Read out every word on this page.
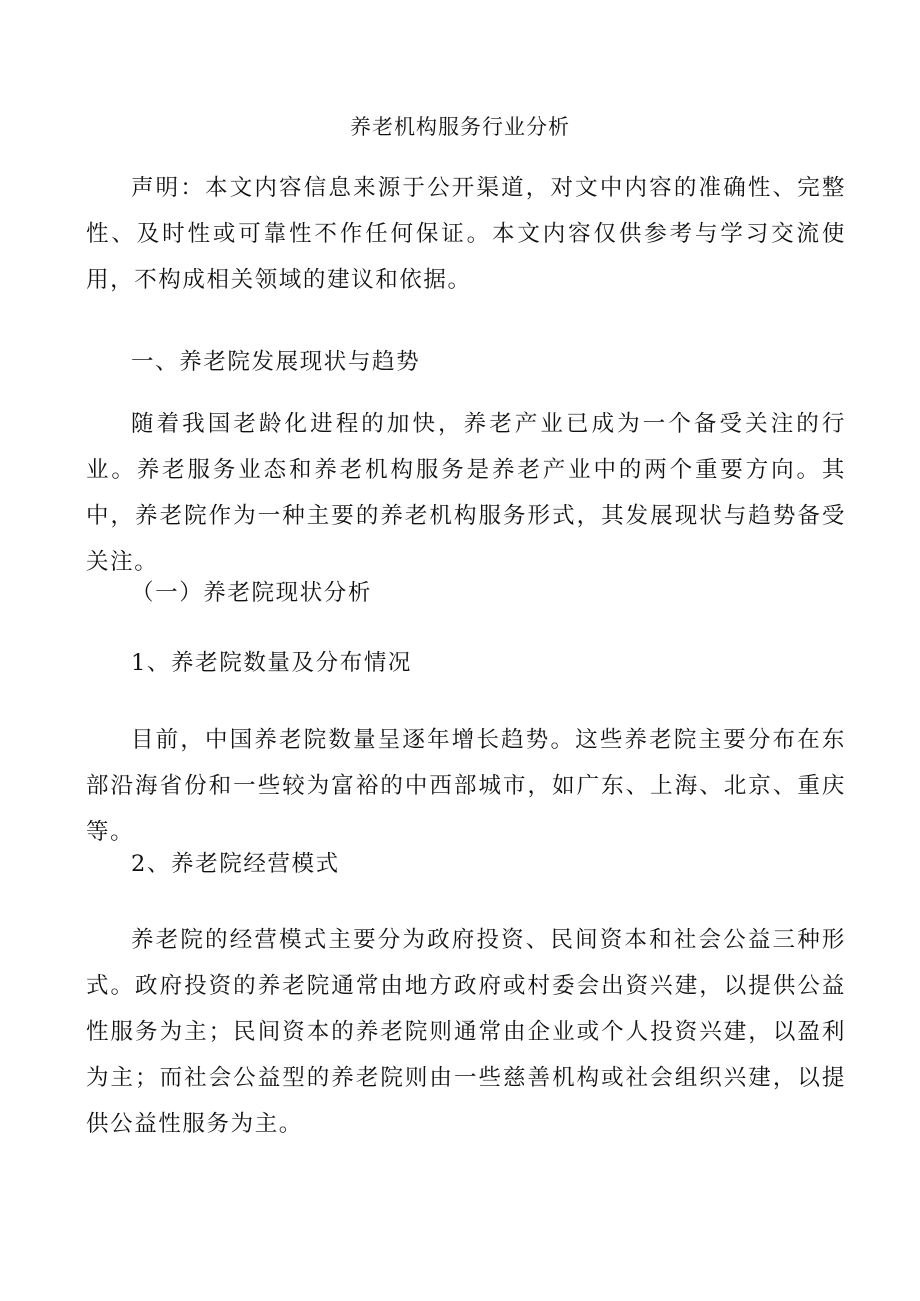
养老机构服务行业分析

声明：本文内容信息来源于公开渠道，对文中内容的准确性、完整性、及时性或可靠性不作任何保证。本文内容仅供参考与学习交流使用，不构成相关领域的建议和依据。

一、养老院发展现状与趋势

随着我国老龄化进程的加快，养老产业已成为一个备受关注的行业。养老服务业态和养老机构服务是养老产业中的两个重要方向。其中，养老院作为一种主要的养老机构服务形式，其发展现状与趋势备受关注。

（一）养老院现状分析
1、养老院数量及分布情况

目前，中国养老院数量呈逐年增长趋势。这些养老院主要分布在东部沿海省份和一些较为富裕的中西部城市，如广东、上海、北京、重庆等。

2、养老院经营模式

养老院的经营模式主要分为政府投资、民间资本和社会公益三种形式。政府投资的养老院通常由地方政府或村委会出资兴建，以提供公益性服务为主；民间资本的养老院则通常由企业或个人投资兴建，以盈利为主；而社会公益型的养老院则由一些慈善机构或社会组织兴建，以提供公益性服务为主。
